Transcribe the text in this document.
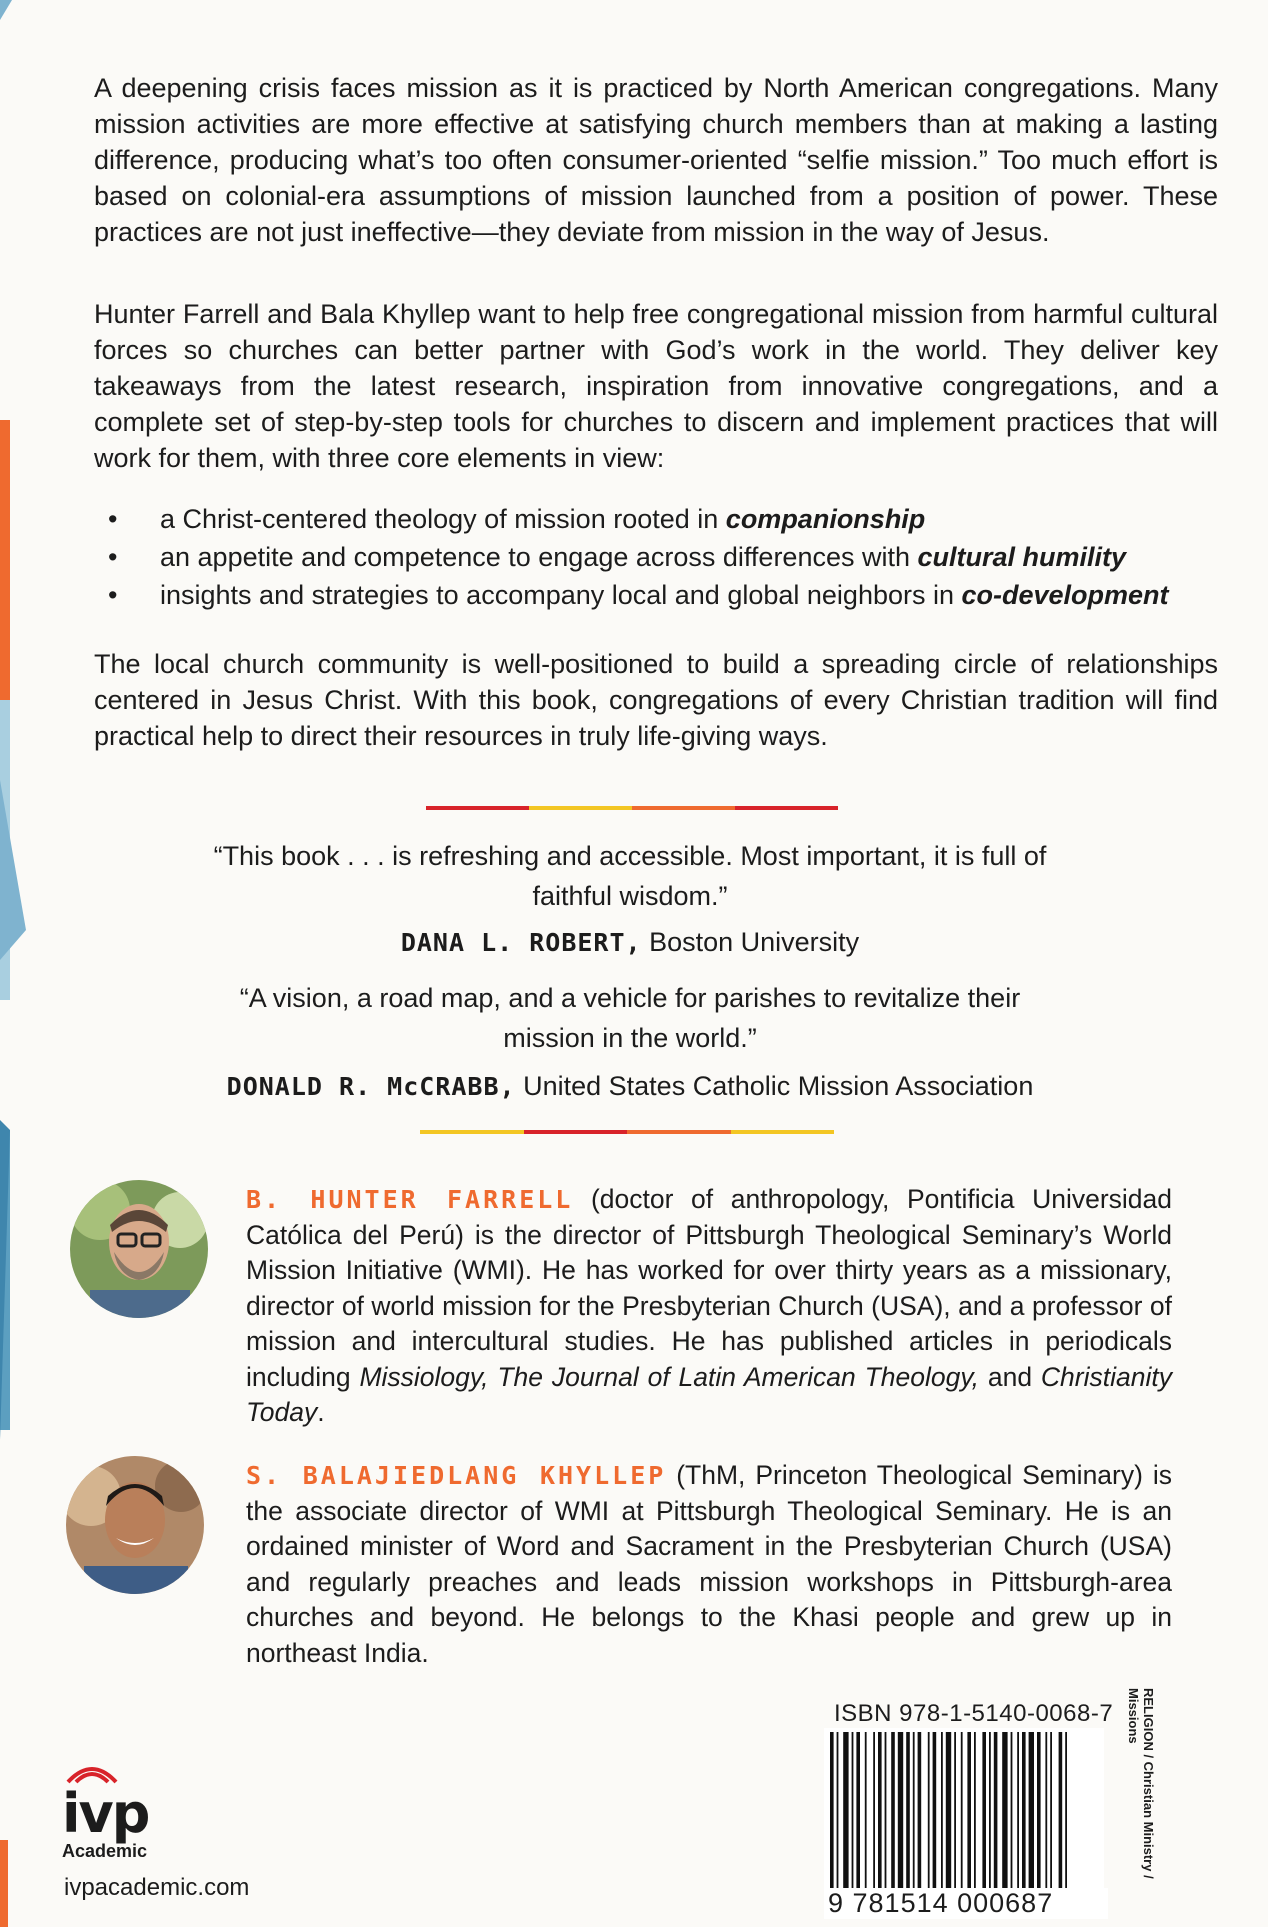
A deepening crisis faces mission as it is practiced by North American congregations. Many mission activities are more effective at satisfying church members than at making a lasting difference, producing what’s too often consumer-oriented “selfie mission.” Too much effort is based on colonial-era assumptions of mission launched from a position of power. These practices are not just ineffective—they deviate from mission in the way of Jesus.

Hunter Farrell and Bala Khyllep want to help free congregational mission from harmful cultural forces so churches can better partner with God’s work in the world. They deliver key takeaways from the latest research, inspiration from innovative congregations, and a complete set of step-by-step tools for churches to discern and implement practices that will work for them, with three core elements in view:

• a Christ-centered theology of mission rooted in companionship
• an appetite and competence to engage across differences with cultural humility
• insights and strategies to accompany local and global neighbors in co-development

The local church community is well-positioned to build a spreading circle of relationships centered in Jesus Christ. With this book, congregations of every Christian tradition will find practical help to direct their resources in truly life-giving ways.

“This book . . . is refreshing and accessible. Most important, it is full of faithful wisdom.”

DANA L. ROBERT, Boston University

“A vision, a road map, and a vehicle for parishes to revitalize their mission in the world.”

DONALD R. McCRABB, United States Catholic Mission Association

B. HUNTER FARRELL (doctor of anthropology, Pontificia Universidad Católica del Perú) is the director of Pittsburgh Theological Seminary’s World Mission Initiative (WMI). He has worked for over thirty years as a missionary, director of world mission for the Presbyterian Church (USA), and a professor of mission and intercultural studies. He has published articles in periodicals including Missiology, The Journal of Latin American Theology, and Christianity Today.

S. BALAJIEDLANG KHYLLEP (ThM, Princeton Theological Seminary) is the associate director of WMI at Pittsburgh Theological Seminary. He is an ordained minister of Word and Sacrament in the Presbyterian Church (USA) and regularly preaches and leads mission workshops in Pittsburgh-area churches and beyond. He belongs to the Khasi people and grew up in northeast India.

ISBN 978-1-5140-0068-7
9 781514 000687
RELIGION / Christian Ministry /
Missions
ivp
Academic
ivpacademic.com
